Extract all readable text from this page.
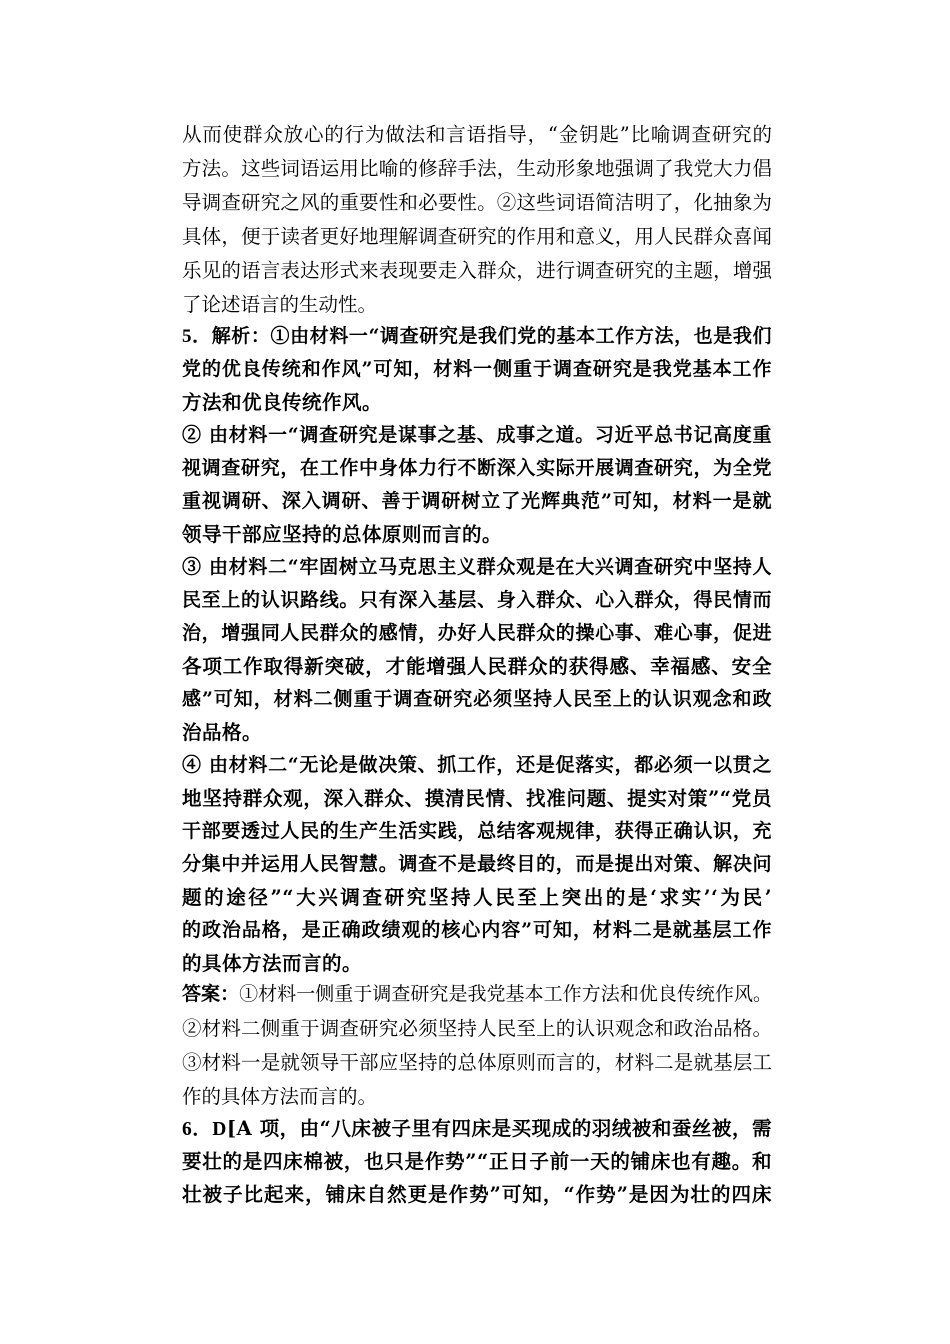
从而使群众放心的行为做法和言语指导，“金钥匙”比喻调查研究的
方法。这些词语运用比喻的修辞手法，生动形象地强调了我党大力倡
导调查研究之风的重要性和必要性。②这些词语简洁明了，化抽象为
具体，便于读者更好地理解调查研究的作用和意义，用人民群众喜闻
乐见的语言表达形式来表现要走入群众，进行调查研究的主题，增强
了论述语言的生动性。
5．解析：①由材料一“调查研究是我们党的基本工作方法，也是我们
党的优良传统和作风”可知，材料一侧重于调查研究是我党基本工作
方法和优良传统作风。
② 由材料一“调查研究是谋事之基、成事之道。习近平总书记高度重
视调查研究，在工作中身体力行不断深入实际开展调查研究，为全党
重视调研、深入调研、善于调研树立了光辉典范”可知，材料一是就
领导干部应坚持的总体原则而言的。
③ 由材料二“牢固树立马克思主义群众观是在大兴调查研究中坚持人
民至上的认识路线。只有深入基层、身入群众、心入群众，得民情而
治，增强同人民群众的感情，办好人民群众的操心事、难心事，促进
各项工作取得新突破，才能增强人民群众的获得感、幸福感、安全
感”可知，材料二侧重于调查研究必须坚持人民至上的认识观念和政
治品格。
④ 由材料二“无论是做决策、抓工作，还是促落实，都必须一以贯之
地坚持群众观，深入群众、摸清民情、找准问题、提实对策”“党员
干部要透过人民的生产生活实践，总结客观规律，获得正确认识，充
分集中并运用人民智慧。调查不是最终目的，而是提出对策、解决问
题的途径”“大兴调查研究坚持人民至上突出的是‘求实’‘为民’
的政治品格，是正确政绩观的核心内容”可知，材料二是就基层工作
的具体方法而言的。
答案：①材料一侧重于调查研究是我党基本工作方法和优良传统作风。
②材料二侧重于调查研究必须坚持人民至上的认识观念和政治品格。
③材料一是就领导干部应坚持的总体原则而言的，材料二是就基层工
作的具体方法而言的。
6．D[A 项，由“八床被子里有四床是买现成的羽绒被和蚕丝被，需
要壮的是四床棉被，也只是作势”“正日子前一天的铺床也有趣。和
壮被子比起来，铺床自然更是作势”可知，“作势”是因为壮的四床
